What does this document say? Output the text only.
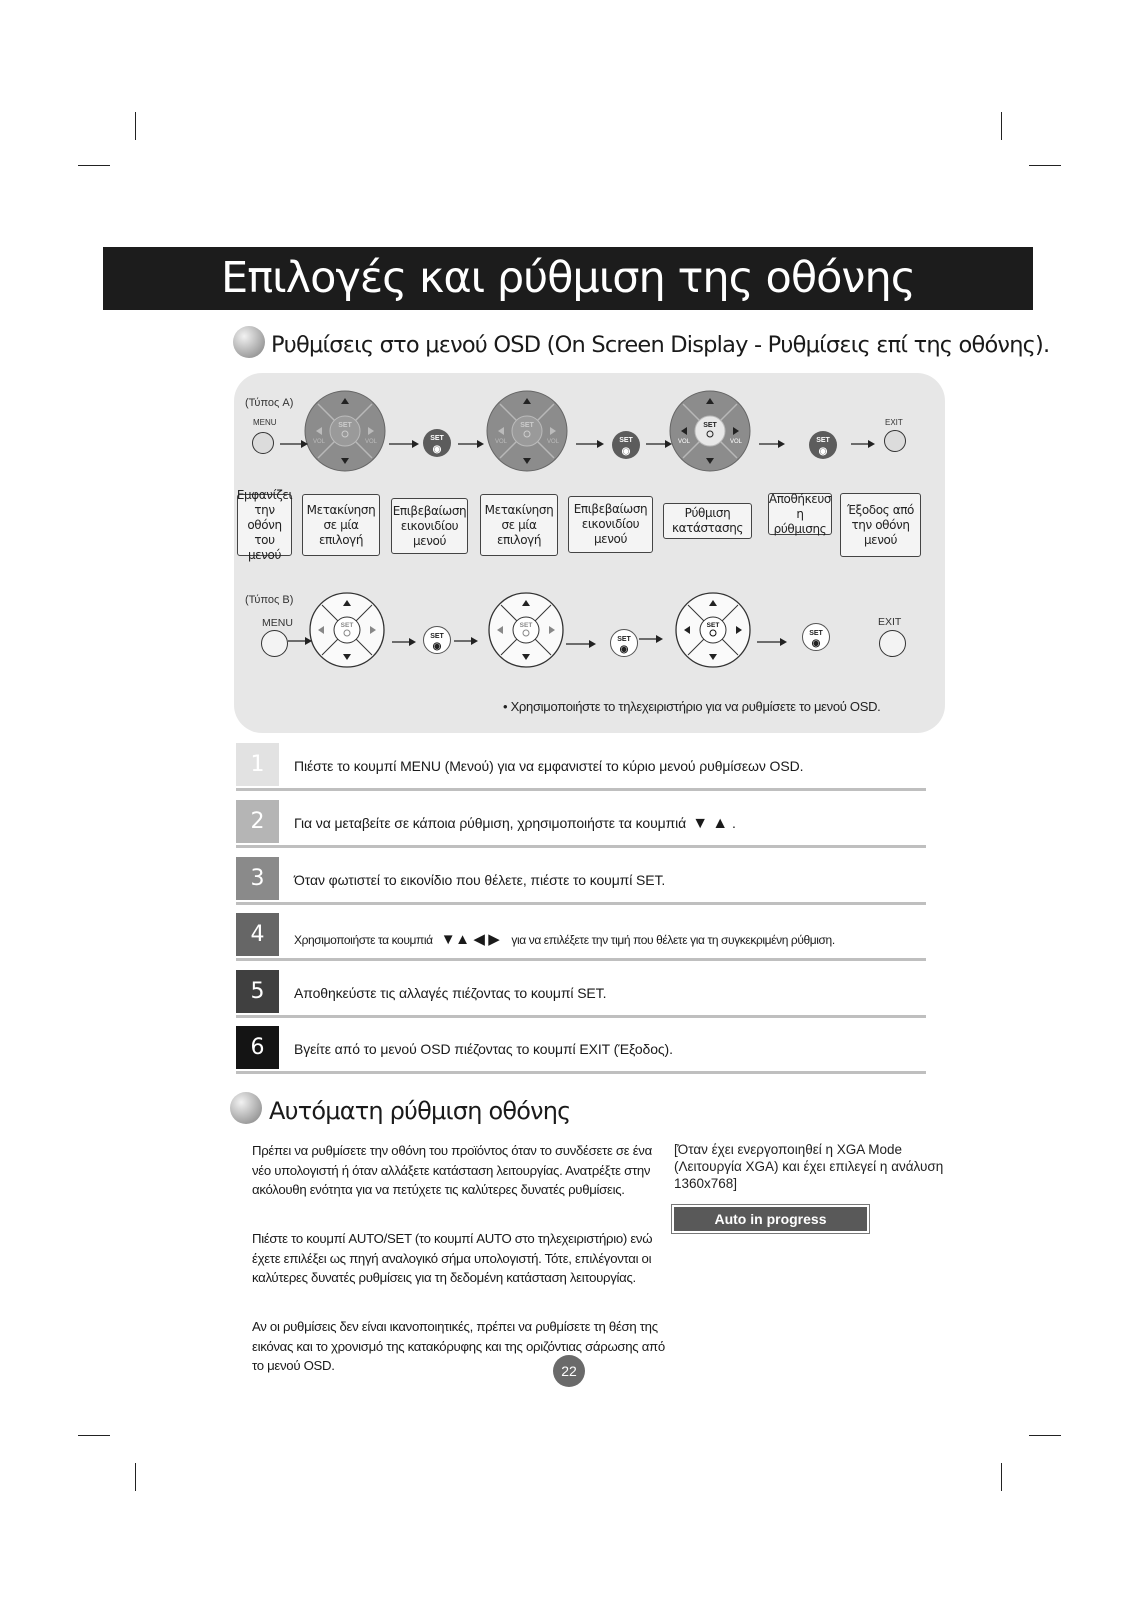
Επιλογές και ρύθμιση της οθόνης
Ρυθμίσεις στο μενού OSD (On Screen Display - Ρυθμίσεις επί της οθόνης).
(Τύπος A)
MENU	EXIT
(Τύπος B)
MENU	EXIT
• Χρησιμοποιήστε το τηλεχειριστήριο για να ρυθμίσετε το μενού OSD.
SET
VOL	VOL
SET
VOL	VOL
SET
VOL	VOL
SET	SET	SET
SET
◉
SET
◉
SET
◉
SET
◉
SET
◉
SET
◉
Εμφανίζει την οθόνη του μενού
Μετακίνηση σε μία επιλογή
Επιβεβαίωση εικονιδίου μενού
Μετακίνηση σε μία επιλογή
Επιβεβαίωση εικονιδίου μενού
Ρύθμιση κατάστασης
Αποθήκευσ η ρύθμισης
Έξοδος από την οθόνη μενού
1	Πιέστε το κουμπί MENU (Μενού) για να εμφανιστεί το κύριο μενού ρυθμίσεων OSD.
2	Για να μεταβείτε σε κάποια ρύθμιση, χρησιμοποιήστε τα κουμπιά ▼ ▲ .
3	Όταν φωτιστεί το εικονίδιο που θέλετε, πιέστε το κουμπί SET.
4	Χρησιμοποιήστε τα κουμπιά ▼▲ ◀ ▶ για να επιλέξετε την τιμή που θέλετε για τη συγκεκριμένη ρύθμιση.
5	Αποθηκεύστε τις αλλαγές πιέζοντας το κουμπί SET.
6	Βγείτε από το μενού OSD πιέζοντας το κουμπί EXIT (Έξοδος).
Αυτόματη ρύθμιση οθόνης
Πρέπει να ρυθμίσετε την οθόνη του προϊόντος όταν το συνδέσετε σε ένα νέο υπολογιστή ή όταν αλλάξετε κατάσταση λειτουργίας. Ανατρέξτε στην ακόλουθη ενότητα για να πετύχετε τις καλύτερες δυνατές ρυθμίσεις.
Πιέστε το κουμπί AUTO/SET (το κουμπί AUTO στο τηλεχειριστήριο) ενώ έχετε επιλέξει ως πηγή αναλογικό σήμα υπολογιστή. Τότε, επιλέγονται οι καλύτερες δυνατές ρυθμίσεις για τη δεδομένη κατάσταση λειτουργίας.
Αν οι ρυθμίσεις δεν είναι ικανοποιητικές, πρέπει να ρυθμίσετε τη θέση της εικόνας και το χρονισμό της κατακόρυφης και της οριζόντιας σάρωσης από το μενού OSD.
[Όταν έχει ενεργοποιηθεί η XGA Mode (Λειτουργία XGA) και έχει επιλεγεί η ανάλυση 1360x768]
Auto in progress
22
